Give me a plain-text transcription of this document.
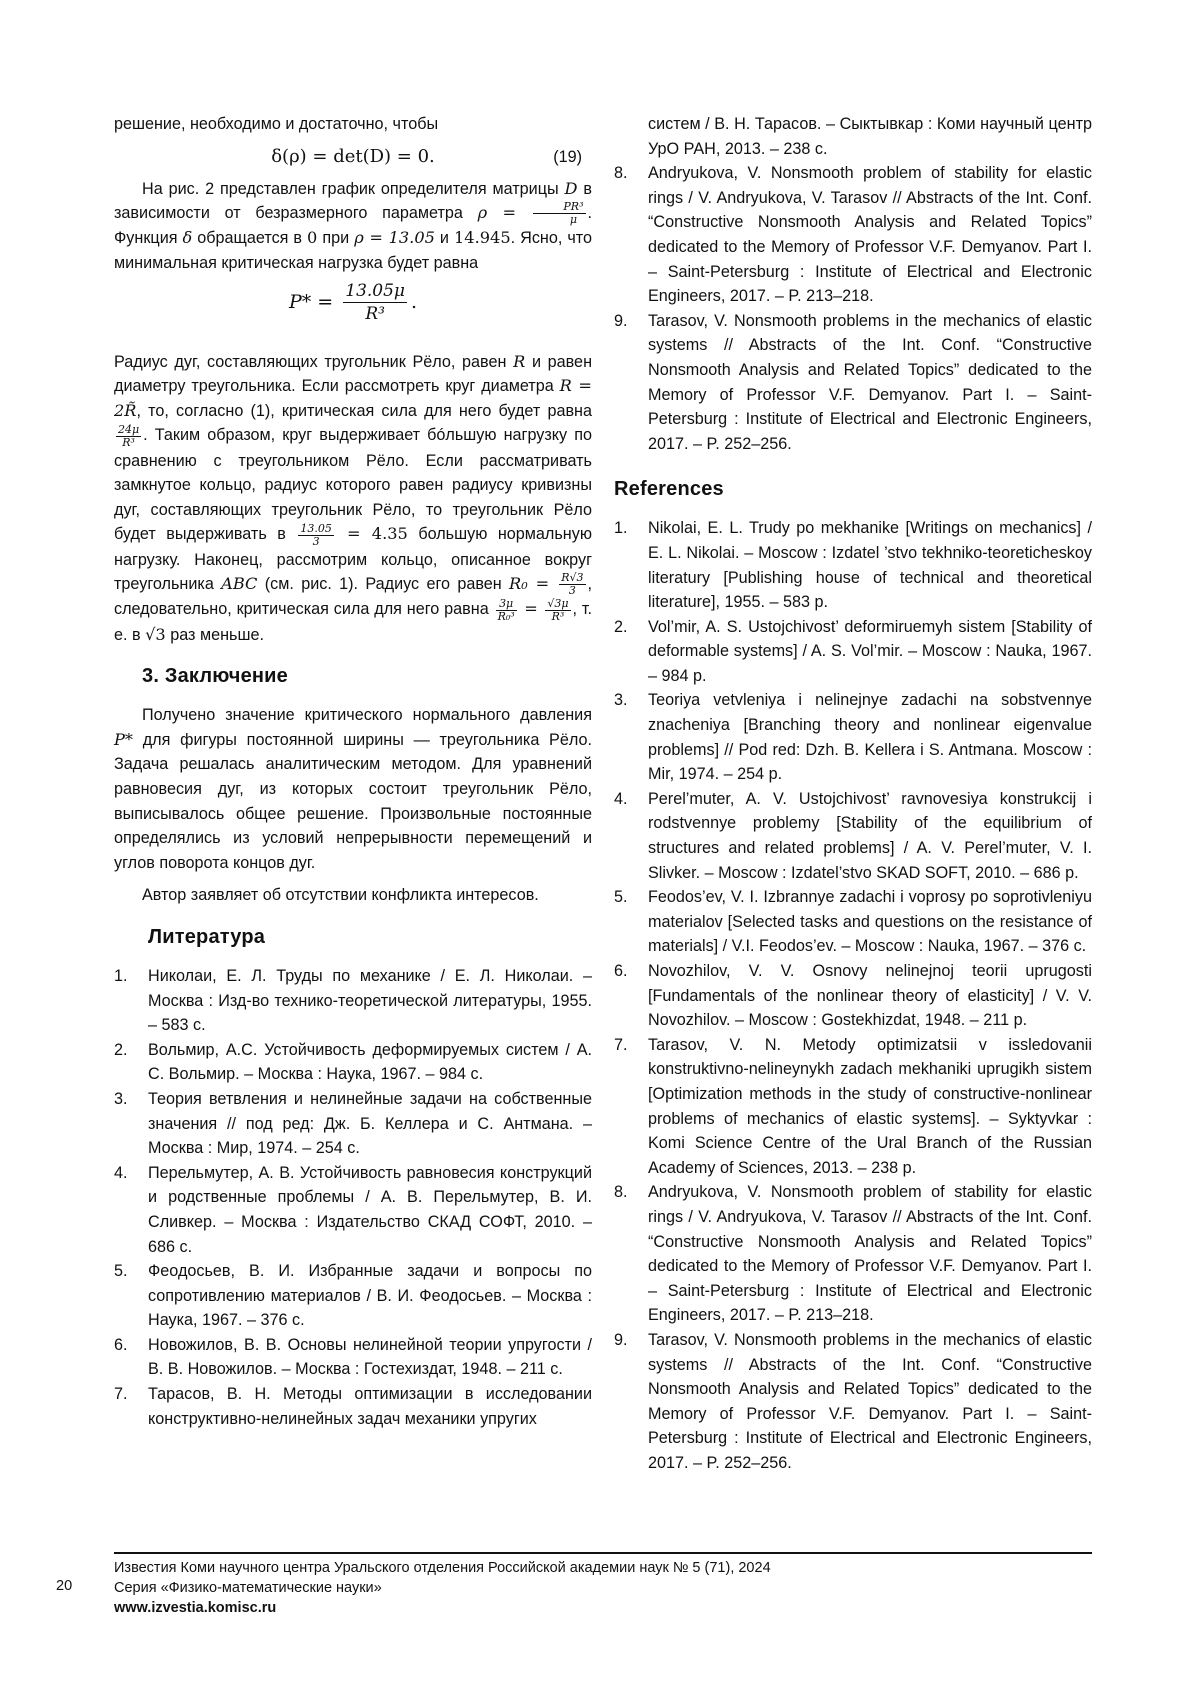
решение, необходимо и достаточно, чтобы

δ(ρ) = det(D) = 0.	(19)

На рис. 2 представлен график определителя матрицы D в зависимости от безразмерного параметра $\rho = \frac{\text{PR³}}{\mu}$ . Функция δ обращается в 0 при ρ = 13.05 и 14.945. Ясно, что минимальная критическая нагрузка будет равна

$P* = \frac{13.05\mu}{\text{R³}}$ .

Радиус дуг, составляющих тругольник Рёло, равен R и равен диаметру треугольника. Если рассмотреть круг диаметра R = 2R̃, то, согласно (1), критическая сила для него будет равна
$\frac{24\mu}{\text{R³}}$ . Таким образом, круг выдерживает бóльшую нагрузку по сравнению с треугольником Рёло. Если рассматривать замкнутое кольцо, радиус которого равен радиусу кривизны дуг, составляющих треугольник Рёло, то треугольник Рёло будет выдерживать в $\frac{13.05}{3} = 4.35$ большую нормальную нагрузку. Наконец, рассмотрим кольцо, описанное вокруг треугольника ABC (см. рис. 1). Радиус его равен $R_0 = \frac{R√3}{3}$ , следовательно, критическая сила для него равна $\frac{3\mu}{\text{R₀³}} = \frac{√3\mu}{\text{R³}}$ , т. е. в √3 раз меньше.

3. Заключение

Получено значение критического нормального давления P* для фигуры постоянной ширины — треугольника Рёло. Задача решалась аналитическим методом. Для уравнений равновесия дуг, из которых состоит треугольник Рёло, выписывалось общее решение. Произвольные постоянные определялись из условий непрерывности перемещений и углов поворота концов дуг.

Автор заявляет об отсутствии конфликта интересов.

Литература
1. Николаи, Е. Л. Труды по механике / Е. Л. Николаи. – Москва : Изд-во технико-теоретической литературы, 1955. – 583 с.
2. Вольмир, А.С. Устойчивость деформируемых систем / А. С. Вольмир. – Москва : Наука, 1967. – 984 с.
3. Теория ветвления и нелинейные задачи на собственные значения // под ред: Дж. Б. Келлера и С. Антмана. – Москва : Мир, 1974. – 254 с.
4. Перельмутер, А. В. Устойчивость равновесия конструкций и родственные проблемы / А. В. Перельмутер, В. И. Сливкер. – Москва : Издательство СКАД СОФТ, 2010. – 686 с.
5. Феодосьев, В. И. Избранные задачи и вопросы по сопротивлению материалов / В. И. Феодосьев. – Москва : Наука, 1967. – 376 с.
6. Новожилов, В. В. Основы нелинейной теории упругости / В. В. Новожилов. – Москва : Гостехиздат, 1948. – 211 с.
7. Тарасов, В. Н. Методы оптимизации в исследовании конструктивно-нелинейных задач механики упругих

систем / В. Н. Тарасов. – Сыктывкар : Коми научный центр УрО РАН, 2013. – 238 с.

8. Andryukova, V. Nonsmooth problem of stability for elastic rings / V. Andryukova, V. Tarasov // Abstracts of the Int. Conf. “Constructive Nonsmooth Analysis and Related Topics” dedicated to the Memory of Professor V.F. Demyanov. Part I. – Saint-Petersburg : Institute of Electrical and Electronic Engineers, 2017. – P. 213–218.
9. Tarasov, V. Nonsmooth problems in the mechanics of elastic systems // Abstracts of the Int. Conf. “Constructive Nonsmooth Analysis and Related Topics” dedicated to the Memory of Professor V.F. Demyanov. Part I. – Saint-Petersburg : Institute of Electrical and Electronic Engineers, 2017. – P. 252–256.
References
1. Nikolai, E. L. Trudy po mekhanike [Writings on mechanics] / E. L. Nikolai. – Moscow : Izdatel ’stvo tekhniko-teoreticheskoy literatury [Publishing house of technical and theoretical literature], 1955. – 583 p.
2. Vol’mir, A. S. Ustojchivost’ deformiruemyh sistem [Stability of deformable systems] / A. S. Vol’mir. – Moscow : Nauka, 1967. – 984 p.
3. Teoriya vetvleniya i nelinejnye zadachi na sobstvennye znacheniya [Branching theory and nonlinear eigenvalue problems] // Pod red: Dzh. B. Kellera i S. Antmana. Moscow : Mir, 1974. – 254 p.
4. Perel’muter, A. V. Ustojchivost’ ravnovesiya konstrukcij i rodstvennye problemy [Stability of the equilibrium of structures and related problems] / A. V. Perel’muter, V. I. Slivker. – Moscow : Izdatel’stvo SKAD SOFT, 2010. – 686 p.
5. Feodos’ev, V. I. Izbrannye zadachi i voprosy po soprotivleniyu materialov [Selected tasks and questions on the resistance of materials] / V.I. Feodos’ev. – Moscow : Nauka, 1967. – 376 c.
6. Novozhilov, V. V. Osnovy nelinejnoj teorii uprugosti [Fundamentals of the nonlinear theory of elasticity] / V. V. Novozhilov. – Moscow : Gostekhizdat, 1948. – 211 p.
7. Tarasov, V. N. Metody optimizatsii v issledovanii konstruktivno-nelineynykh zadach mekhaniki uprugikh sistem [Optimization methods in the study of constructive-nonlinear problems of mechanics of elastic systems]. – Syktyvkar : Komi Science Centre of the Ural Branch of the Russian Academy of Sciences, 2013. – 238 p.
8. Andryukova, V. Nonsmooth problem of stability for elastic rings / V. Andryukova, V. Tarasov // Abstracts of the Int. Conf. “Constructive Nonsmooth Analysis and Related Topics” dedicated to the Memory of Professor V.F. Demyanov. Part I. – Saint-Petersburg : Institute of Electrical and Electronic Engineers, 2017. – P. 213–218.
9. Tarasov, V. Nonsmooth problems in the mechanics of elastic systems // Abstracts of the Int. Conf. “Constructive Nonsmooth Analysis and Related Topics” dedicated to the Memory of Professor V.F. Demyanov. Part I. – Saint-Petersburg : Institute of Electrical and Electronic Engineers, 2017. – P. 252–256.
20
Известия Коми научного центра Уральского отделения Российской академии наук № 5 (71), 2024
Серия «Физико-математические науки»
www.izvestia.komisc.ru
